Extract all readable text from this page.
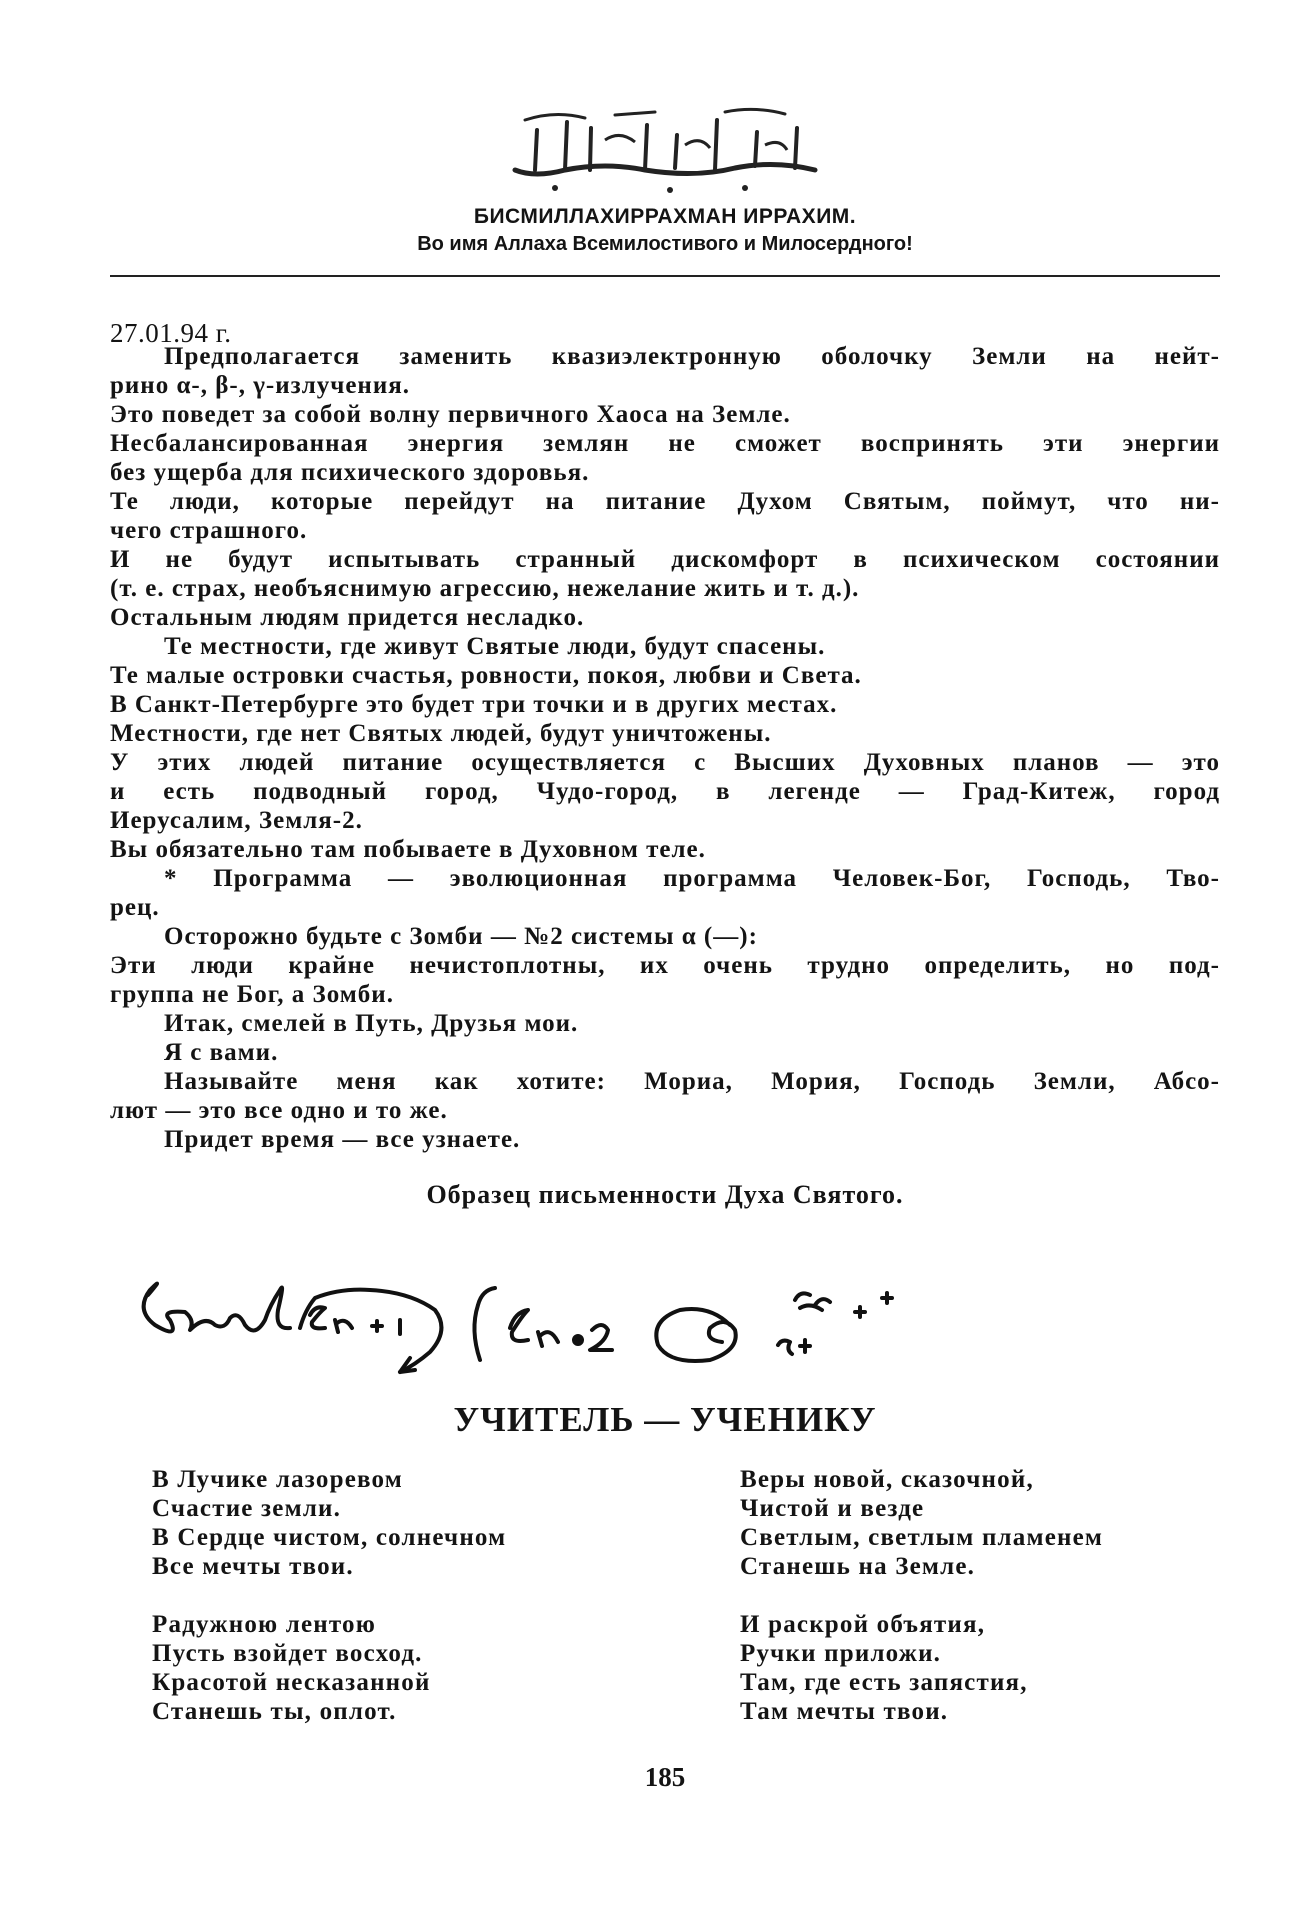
БИСМИЛЛАХИРРАХМАН ИРРАХИМ.
Во имя Аллаха Всемилостивого и Милосердного!
27.01.94 г.
Предполагается заменить квазиэлектронную оболочку Земли на нейт-
рино α-, β-, γ-излучения.
Это поведет за собой волну первичного Хаоса на Земле.
Несбалансированная энергия землян не сможет воспринять эти энергии
без ущерба для психического здоровья.
Те люди, которые перейдут на питание Духом Святым, поймут, что ни-
чего страшного.
И не будут испытывать странный дискомфорт в психическом состоянии
(т. е. страх, необъяснимую агрессию, нежелание жить и т. д.).
Остальным людям придется несладко.
Те местности, где живут Святые люди, будут спасены.
Те малые островки счастья, ровности, покоя, любви и Света.
В Санкт-Петербурге это будет три точки и в других местах.
Местности, где нет Святых людей, будут уничтожены.
У этих людей питание осуществляется с Высших Духовных планов — это
и есть подводный город, Чудо-город, в легенде — Град-Китеж, город
Иерусалим, Земля-2.
Вы обязательно там побываете в Духовном теле.
* Программа — эволюционная программа Человек-Бог, Господь, Тво-
рец.
Осторожно будьте с Зомби — №2 системы α (—):
Эти люди крайне нечистоплотны, их очень трудно определить, но под-
группа не Бог, а Зомби.
Итак, смелей в Путь, Друзья мои.
Я с вами.
Называйте меня как хотите: Мориа, Мория, Господь Земли, Абсо-
лют — это все одно и то же.
Придет время — все узнаете.
Образец письменности Духа Святого.
УЧИТЕЛЬ — УЧЕНИКУ
В Лучике лазоревом
Счастие земли.
В Сердце чистом, солнечном
Все мечты твои.
Радужною лентою
Пусть взойдет восход.
Красотой несказанной
Станешь ты, оплот.
Веры новой, сказочной,
Чистой и везде
Светлым, светлым пламенем
Станешь на Земле.
И раскрой объятия,
Ручки приложи.
Там, где есть запястия,
Там мечты твои.
185
